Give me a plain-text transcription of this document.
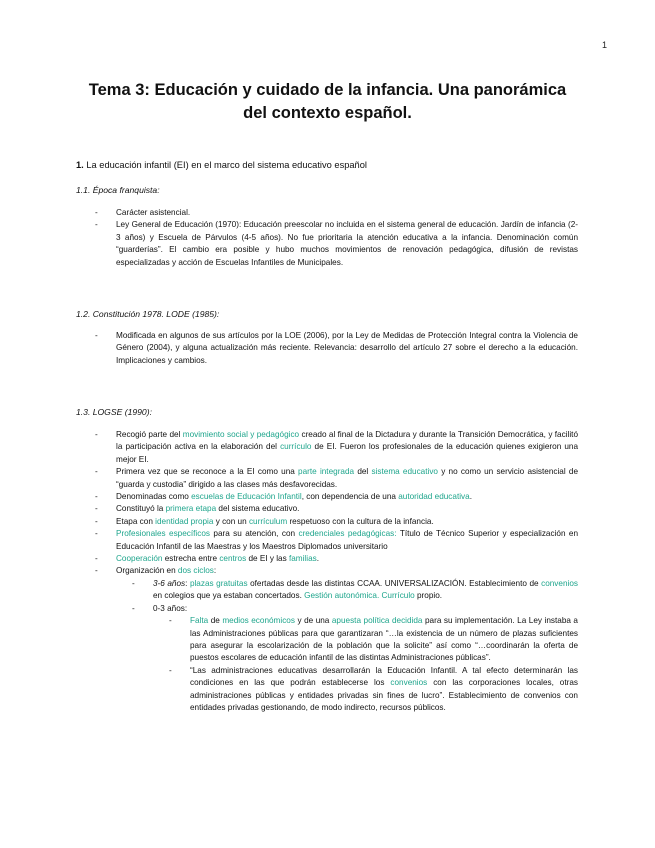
1
Tema 3: Educación y cuidado de la infancia. Una panorámica
del contexto español.
1. La educación infantil (EI) en el marco del sistema educativo español
1.1. Época franquista:
- Carácter asistencial.
- Ley General de Educación (1970): Educación preescolar no incluida en el sistema general de educación. Jardín de infancia (2-3 años) y Escuela de Párvulos (4-5 años). No fue prioritaria la atención educativa a la infancia. Denominación común “guarderías”. El cambio era posible y hubo muchos movimientos de renovación pedagógica, difusión de revistas especializadas y acción de Escuelas Infantiles de Municipales.
1.2. Constitución 1978. LODE (1985):
- Modificada en algunos de sus artículos por la LOE (2006), por la Ley de Medidas de Protección Integral contra la Violencia de Género (2004), y alguna actualización más reciente. Relevancia: desarrollo del artículo 27 sobre el derecho a la educación. Implicaciones y cambios.
1.3. LOGSE (1990):
- Recogió parte del movimiento social y pedagógico creado al final de la Dictadura y durante la Transición Democrática, y facilitó la participación activa en la elaboración del currículo de EI. Fueron los profesionales de la educación quienes exigieron una mejor EI.
- Primera vez que se reconoce a la EI como una parte integrada del sistema educativo y no como un servicio asistencial de “guarda y custodia” dirigido a las clases más desfavorecidas.
- Denominadas como escuelas de Educación Infantil, con dependencia de una autoridad educativa.
- Constituyó la primera etapa del sistema educativo.
- Etapa con identidad propia y con un currículum respetuoso con la cultura de la infancia.
- Profesionales específicos para su atención, con credenciales pedagógicas: Título de Técnico Superior y especialización en Educación Infantil de las Maestras y los Maestros Diplomados universitario
- Cooperación estrecha entre centros de EI y las familias.
- Organización en dos ciclos:
- 3-6 años: plazas gratuitas ofertadas desde las distintas CCAA. UNIVERSALIZACIÓN. Establecimiento de convenios en colegios que ya estaban concertados. Gestión autonómica. Currículo propio.
- 0-3 años:
- Falta de medios económicos y de una apuesta política decidida para su implementación. La Ley instaba a las Administraciones públicas para que garantizaran “…la existencia de un número de plazas suficientes para asegurar la escolarización de la población que la solicite” así como “…coordinarán la oferta de puestos escolares de educación infantil de las distintas Administraciones públicas”.
- “Las administraciones educativas desarrollarán la Educación Infantil. A tal efecto determinarán las condiciones en las que podrán establecerse los convenios con las corporaciones locales, otras administraciones públicas y entidades privadas sin fines de lucro”. Establecimiento de convenios con entidades privadas gestionando, de modo indirecto, recursos públicos.
